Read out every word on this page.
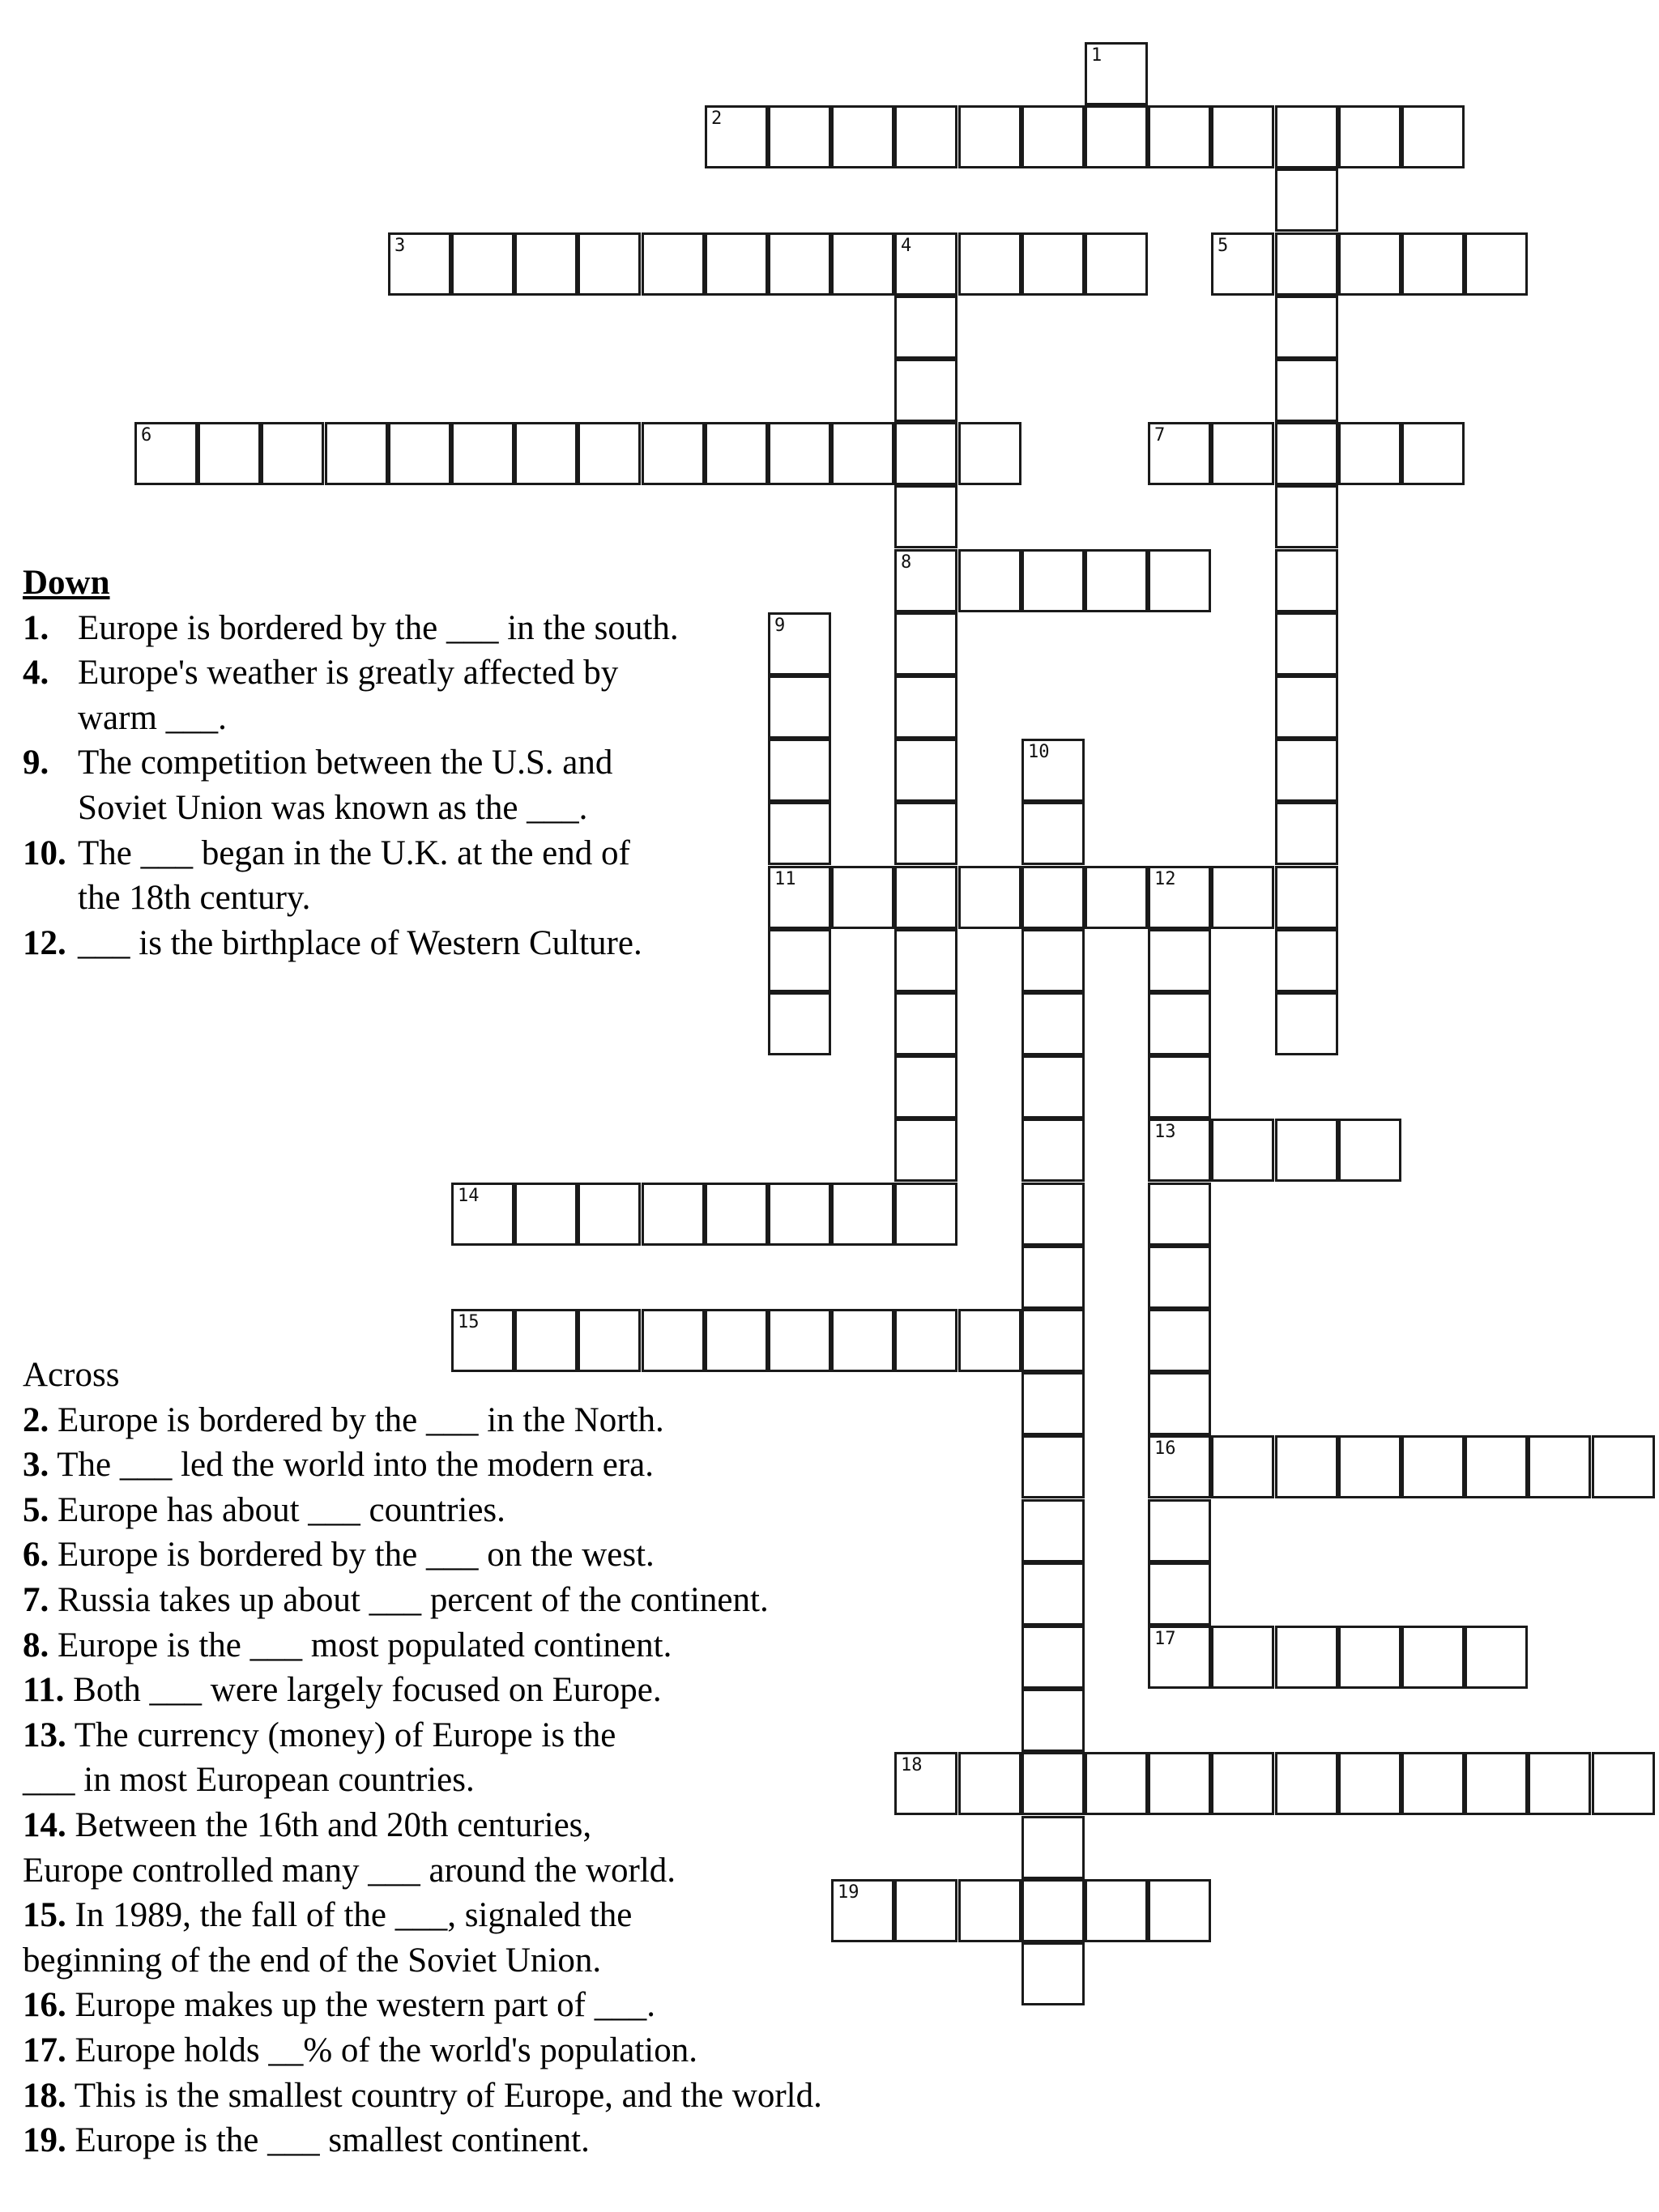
1
2
3	4	5
6	7
8
9
10
11	12
13
14
15
16
17
18
19
Down
1. Europe is bordered by the ___ in the south.
4. Europe's weather is greatly affected by
warm ___.
9. The competition between the U.S. and
Soviet Union was known as the ___.
10. The ___ began in the U.K. at the end of
the 18th century.
12. ___ is the birthplace of Western Culture.
Across
2. Europe is bordered by the ___ in the North.
3. The ___ led the world into the modern era.
5. Europe has about ___ countries.
6. Europe is bordered by the ___ on the west.
7. Russia takes up about ___ percent of the continent.
8. Europe is the ___ most populated continent.
11. Both ___ were largely focused on Europe.
13. The currency (money) of Europe is the
___ in most European countries.
14. Between the 16th and 20th centuries,
Europe controlled many ___ around the world.
15. In 1989, the fall of the ___, signaled the
beginning of the end of the Soviet Union.
16. Europe makes up the western part of ___.
17. Europe holds __% of the world's population.
18. This is the smallest country of Europe, and the world.
19. Europe is the ___ smallest continent.
